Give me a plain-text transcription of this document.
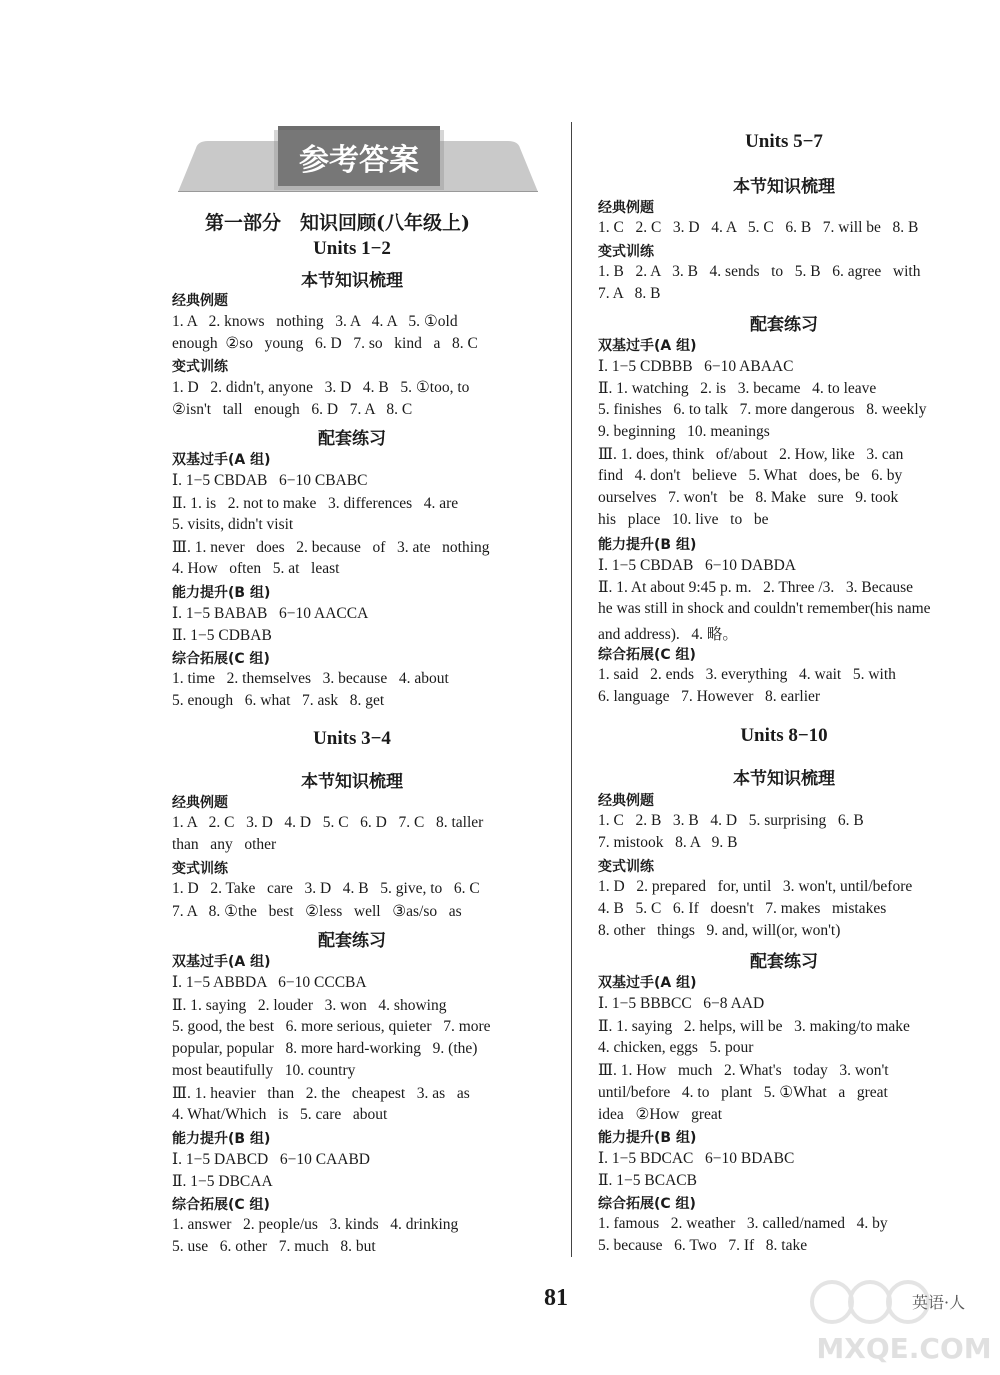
参考答案
第一部分　知识回顾(八年级上)
Units 1−2
本节知识梳理
经典例题
1. A   2. knows   nothing   3. A   4. A   5. ①old
enough  ②so   young   6. D   7. so   kind   a   8. C
变式训练
1. D   2. didn't, anyone   3. D   4. B   5. ①too, to
②isn't   tall   enough   6. D   7. A   8. C
配套练习
双基过手(A 组)
Ⅰ. 1−5 CBDAB   6−10 CBABC
Ⅱ. 1. is   2. not to make   3. differences   4. are
5. visits, didn't visit
Ⅲ. 1. never   does   2. because   of   3. ate   nothing
4. How   often   5. at   least
能力提升(B 组)
Ⅰ. 1−5 BABAB   6−10 AACCA
Ⅱ. 1−5 CDBAB
综合拓展(C 组)
1. time   2. themselves   3. because   4. about
5. enough   6. what   7. ask   8. get
Units 3−4
本节知识梳理
经典例题
1. A   2. C   3. D   4. D   5. C   6. D   7. C   8. taller
than   any   other
变式训练
1. D   2. Take   care   3. D   4. B   5. give, to   6. C
7. A   8. ①the   best   ②less   well   ③as/so   as
配套练习
双基过手(A 组)
Ⅰ. 1−5 ABBDA   6−10 CCCBA
Ⅱ. 1. saying   2. louder   3. won   4. showing
5. good, the best   6. more serious, quieter   7. more
popular, popular   8. more hard-working   9. (the)
most beautifully   10. country
Ⅲ. 1. heavier   than   2. the   cheapest   3. as   as
4. What/Which   is   5. care   about
能力提升(B 组)
Ⅰ. 1−5 DABCD   6−10 CAABD
Ⅱ. 1−5 DBCAA
综合拓展(C 组)
1. answer   2. people/us   3. kinds   4. drinking
5. use   6. other   7. much   8. but
Units 5−7
本节知识梳理
经典例题
1. C   2. C   3. D   4. A   5. C   6. B   7. will be   8. B
变式训练
1. B   2. A   3. B   4. sends   to   5. B   6. agree   with
7. A   8. B
配套练习
双基过手(A 组)
Ⅰ. 1−5 CDBBB   6−10 ABAAC
Ⅱ. 1. watching   2. is   3. became   4. to leave
5. finishes   6. to talk   7. more dangerous   8. weekly
9. beginning   10. meanings
Ⅲ. 1. does, think   of/about   2. How, like   3. can
find   4. don't   believe   5. What   does, be   6. by
ourselves   7. won't   be   8. Make   sure   9. took
his   place   10. live   to   be
能力提升(B 组)
Ⅰ. 1−5 CBDAB   6−10 DABDA
Ⅱ. 1. At about 9:45 p. m.   2. Three /3.   3. Because
he was still in shock and couldn't remember(his name
and address).   4. 略。
综合拓展(C 组)
1. said   2. ends   3. everything   4. wait   5. with
6. language   7. However   8. earlier
Units 8−10
本节知识梳理
经典例题
1. C   2. B   3. B   4. D   5. surprising   6. B
7. mistook   8. A   9. B
变式训练
1. D   2. prepared   for, until   3. won't, until/before
4. B   5. C   6. If   doesn't   7. makes   mistakes
8. other   things   9. and, will(or, won't)
配套练习
双基过手(A 组)
Ⅰ. 1−5 BBBCC   6−8 AAD
Ⅱ. 1. saying   2. helps, will be   3. making/to make
4. chicken, eggs   5. pour
Ⅲ. 1. How   much   2. What's   today   3. won't
until/before   4. to   plant   5. ①What   a   great
idea   ②How   great
能力提升(B 组)
Ⅰ. 1−5 BDCAC   6−10 BDABC
Ⅱ. 1−5 BCACB
综合拓展(C 组)
1. famous   2. weather   3. called/named   4. by
5. because   6. Two   7. If   8. take
81	英语·人
MXQE.COM
